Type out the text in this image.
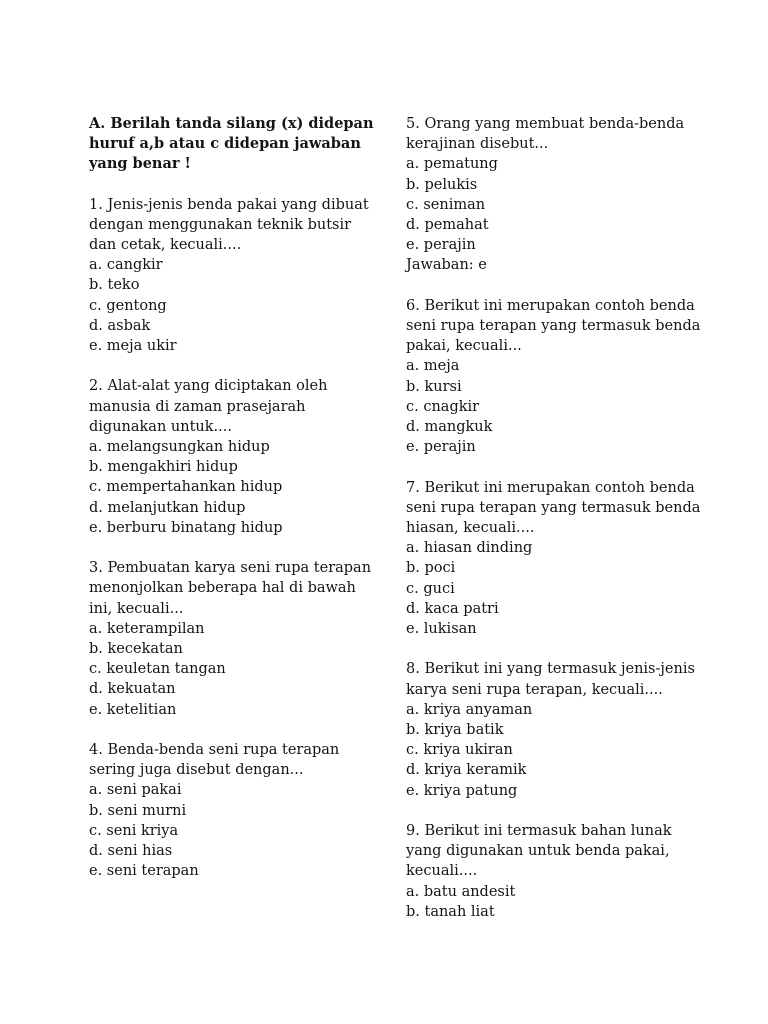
A. Berilah tanda silang (x) didepan huruf a,b atau c didepan jawaban yang benar !
1. Jenis-jenis benda pakai yang dibuat dengan menggunakan teknik butsir dan cetak, kecuali....
a. cangkir
b. teko
c. gentong
d. asbak
e. meja ukir
2. Alat-alat yang diciptakan oleh manusia di zaman prasejarah digunakan untuk....
a. melangsungkan hidup
b. mengakhiri hidup
c. mempertahankan hidup
d. melanjutkan hidup
e. berburu binatang hidup
3. Pembuatan karya seni rupa terapan menonjolkan beberapa hal di bawah ini, kecuali...
a. keterampilan
b. kecekatan
c. keuletan tangan
d. kekuatan
e. ketelitian
4. Benda-benda seni rupa terapan sering juga disebut dengan...
a. seni pakai
b. seni murni
c. seni kriya
d. seni hias
e. seni terapan
5. Orang yang membuat benda-benda kerajinan disebut...
a. pematung
b. pelukis
c. seniman
d. pemahat
e. perajin
Jawaban: e
6. Berikut ini merupakan contoh benda seni rupa terapan yang termasuk benda pakai, kecuali...
a. meja
b. kursi
c. cnagkir
d. mangkuk
e. perajin
7. Berikut ini merupakan contoh benda seni rupa terapan yang termasuk benda hiasan, kecuali....
a. hiasan dinding
b. poci
c. guci
d. kaca patri
e. lukisan
8. Berikut ini yang termasuk jenis-jenis karya seni rupa terapan, kecuali....
a. kriya anyaman
b. kriya batik
c. kriya ukiran
d. kriya keramik
e. kriya patung
9. Berikut ini termasuk bahan lunak yang digunakan untuk benda pakai, kecuali....
a. batu andesit
b. tanah liat
